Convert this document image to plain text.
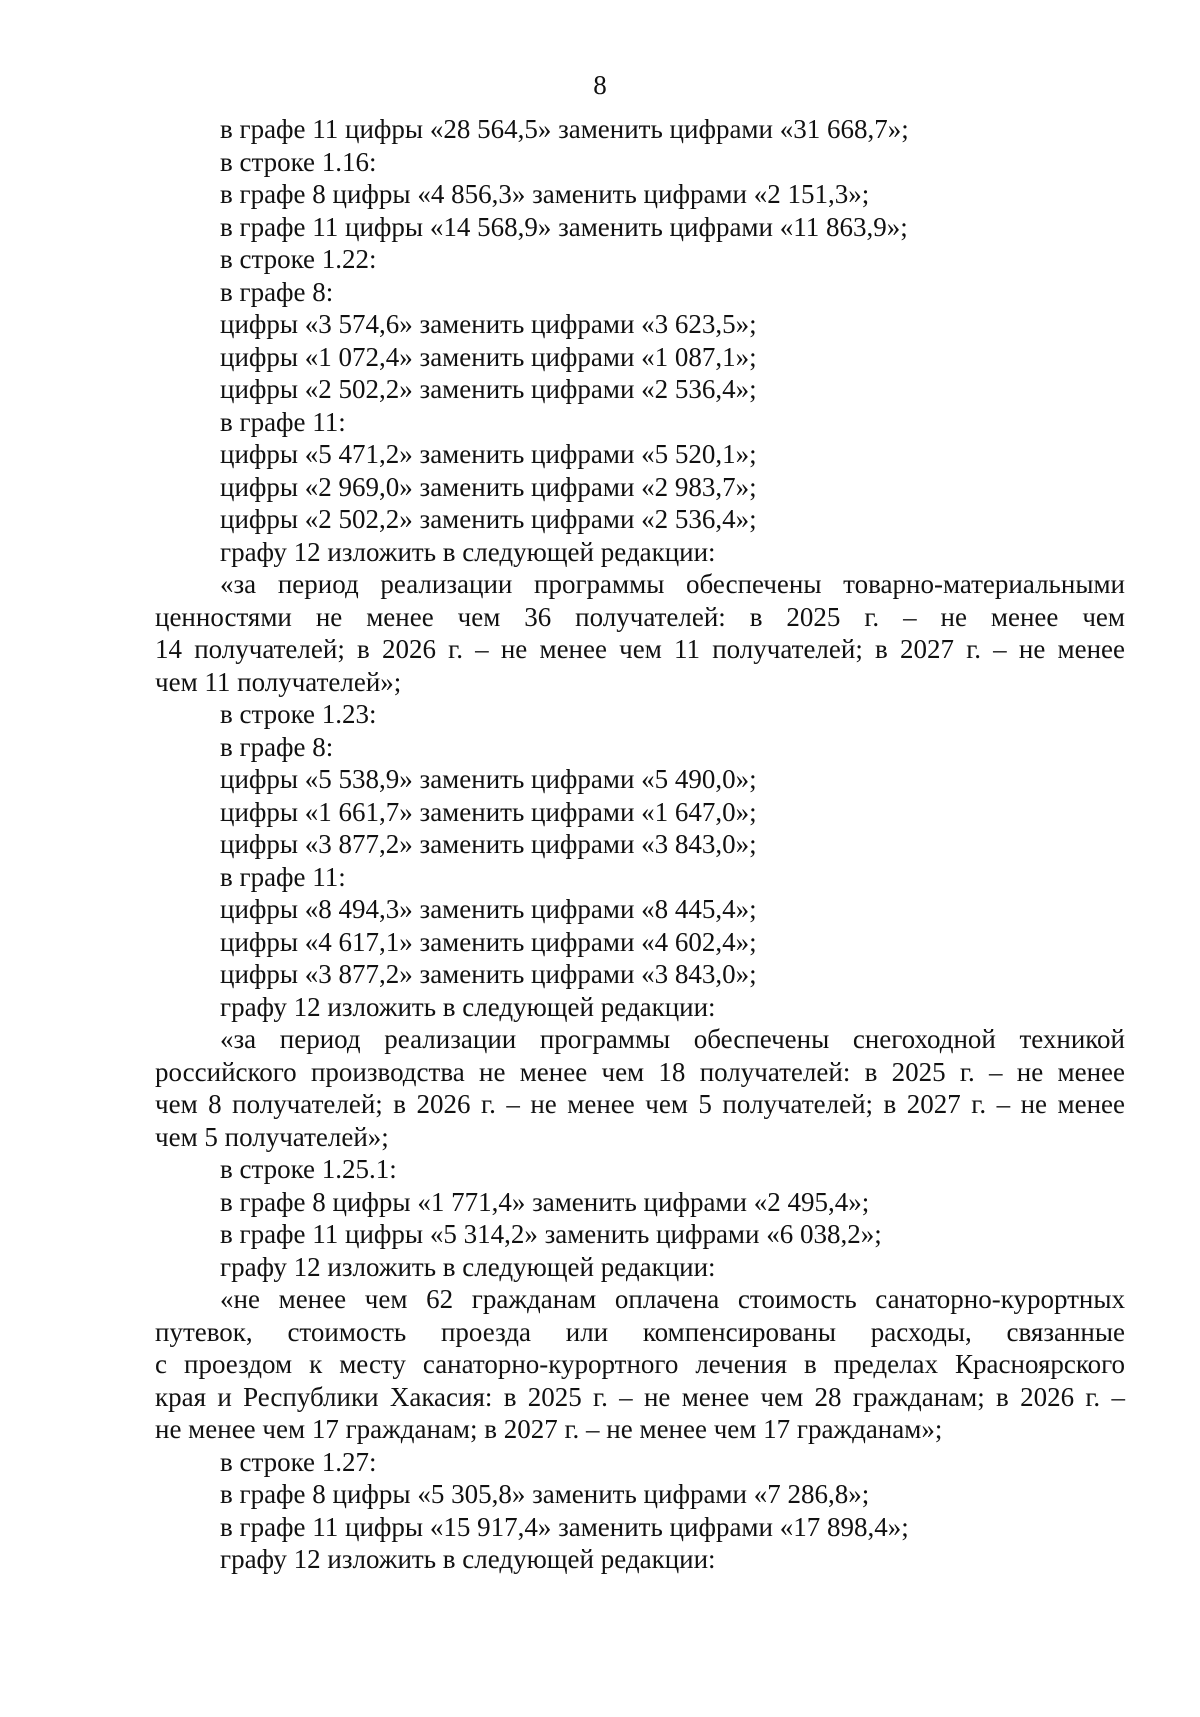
8
в графе 11 цифры «28 564,5» заменить цифрами «31 668,7»;
в строке 1.16:
в графе 8 цифры «4 856,3» заменить цифрами «2 151,3»;
в графе 11 цифры «14 568,9» заменить цифрами «11 863,9»;
в строке 1.22:
в графе 8:
цифры «3 574,6» заменить цифрами «3 623,5»;
цифры «1 072,4» заменить цифрами «1 087,1»;
цифры «2 502,2» заменить цифрами «2 536,4»;
в графе 11:
цифры «5 471,2» заменить цифрами «5 520,1»;
цифры «2 969,0» заменить цифрами «2 983,7»;
цифры «2 502,2» заменить цифрами «2 536,4»;
графу 12 изложить в следующей редакции:
«за период реализации программы обеспечены товарно-материальными
ценностями не менее чем 36 получателей: в 2025 г. – не менее чем
14 получателей; в 2026 г. – не менее чем 11 получателей; в 2027 г. – не менее
чем 11 получателей»;
в строке 1.23:
в графе 8:
цифры «5 538,9» заменить цифрами «5 490,0»;
цифры «1 661,7» заменить цифрами «1 647,0»;
цифры «3 877,2» заменить цифрами «3 843,0»;
в графе 11:
цифры «8 494,3» заменить цифрами «8 445,4»;
цифры «4 617,1» заменить цифрами «4 602,4»;
цифры «3 877,2» заменить цифрами «3 843,0»;
графу 12 изложить в следующей редакции:
«за период реализации программы обеспечены снегоходной техникой
российского производства не менее чем 18 получателей: в 2025 г. – не менее
чем 8 получателей; в 2026 г. – не менее чем 5 получателей; в 2027 г. – не менее
чем 5 получателей»;
в строке 1.25.1:
в графе 8 цифры «1 771,4» заменить цифрами «2 495,4»;
в графе 11 цифры «5 314,2» заменить цифрами «6 038,2»;
графу 12 изложить в следующей редакции:
«не менее чем 62 гражданам оплачена стоимость санаторно-курортных
путевок, стоимость проезда или компенсированы расходы, связанные
с проездом к месту санаторно-курортного лечения в пределах Красноярского
края и Республики Хакасия: в 2025 г. – не менее чем 28 гражданам; в 2026 г. –
не менее чем 17 гражданам; в 2027 г. – не менее чем 17 гражданам»;
в строке 1.27:
в графе 8 цифры «5 305,8» заменить цифрами «7 286,8»;
в графе 11 цифры «15 917,4» заменить цифрами «17 898,4»;
графу 12 изложить в следующей редакции:
